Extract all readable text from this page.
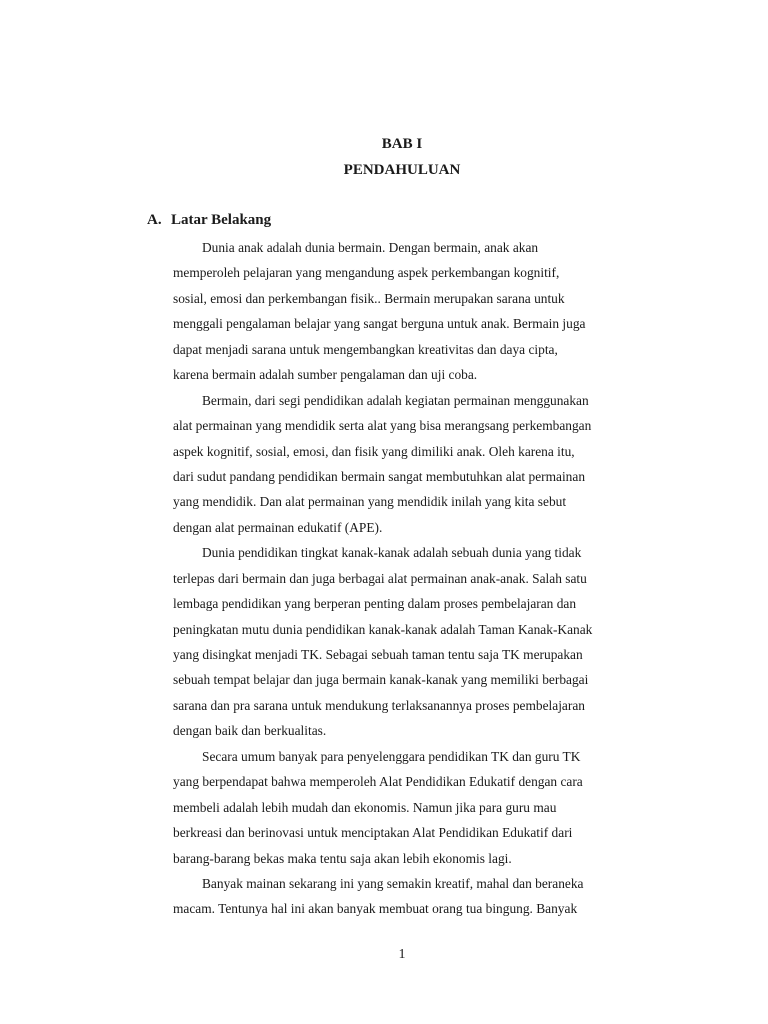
BAB I
PENDAHULUAN
A. Latar Belakang
Dunia anak adalah dunia bermain. Dengan bermain, anak akan
memperoleh pelajaran yang mengandung aspek perkembangan kognitif,
sosial, emosi dan perkembangan fisik.. Bermain merupakan sarana untuk
menggali pengalaman belajar yang sangat berguna untuk anak. Bermain juga
dapat menjadi sarana untuk mengembangkan kreativitas dan daya cipta,
karena bermain adalah sumber pengalaman dan uji coba.
Bermain, dari segi pendidikan adalah kegiatan permainan menggunakan
alat permainan yang mendidik serta alat yang bisa merangsang perkembangan
aspek kognitif, sosial, emosi, dan fisik yang dimiliki anak. Oleh karena itu,
dari sudut pandang pendidikan bermain sangat membutuhkan alat permainan
yang mendidik. Dan alat permainan yang mendidik inilah yang kita sebut
dengan alat permainan edukatif (APE).
Dunia pendidikan tingkat kanak-kanak adalah sebuah dunia yang tidak
terlepas dari bermain dan juga berbagai alat permainan anak-anak. Salah satu
lembaga pendidikan yang berperan penting dalam proses pembelajaran dan
peningkatan mutu dunia pendidikan kanak-kanak adalah Taman Kanak-Kanak
yang disingkat menjadi TK. Sebagai sebuah taman tentu saja TK merupakan
sebuah tempat belajar dan juga bermain kanak-kanak yang memiliki berbagai
sarana dan pra sarana untuk mendukung terlaksanannya proses pembelajaran
dengan baik dan berkualitas.
Secara umum banyak para penyelenggara pendidikan TK dan guru TK
yang berpendapat bahwa memperoleh Alat Pendidikan Edukatif dengan cara
membeli adalah lebih mudah dan ekonomis. Namun jika para guru mau
berkreasi dan berinovasi untuk menciptakan Alat Pendidikan Edukatif dari
barang-barang bekas maka tentu saja akan lebih ekonomis lagi.
Banyak mainan sekarang ini yang semakin kreatif, mahal dan beraneka
macam. Tentunya hal ini akan banyak membuat orang tua bingung. Banyak
1
